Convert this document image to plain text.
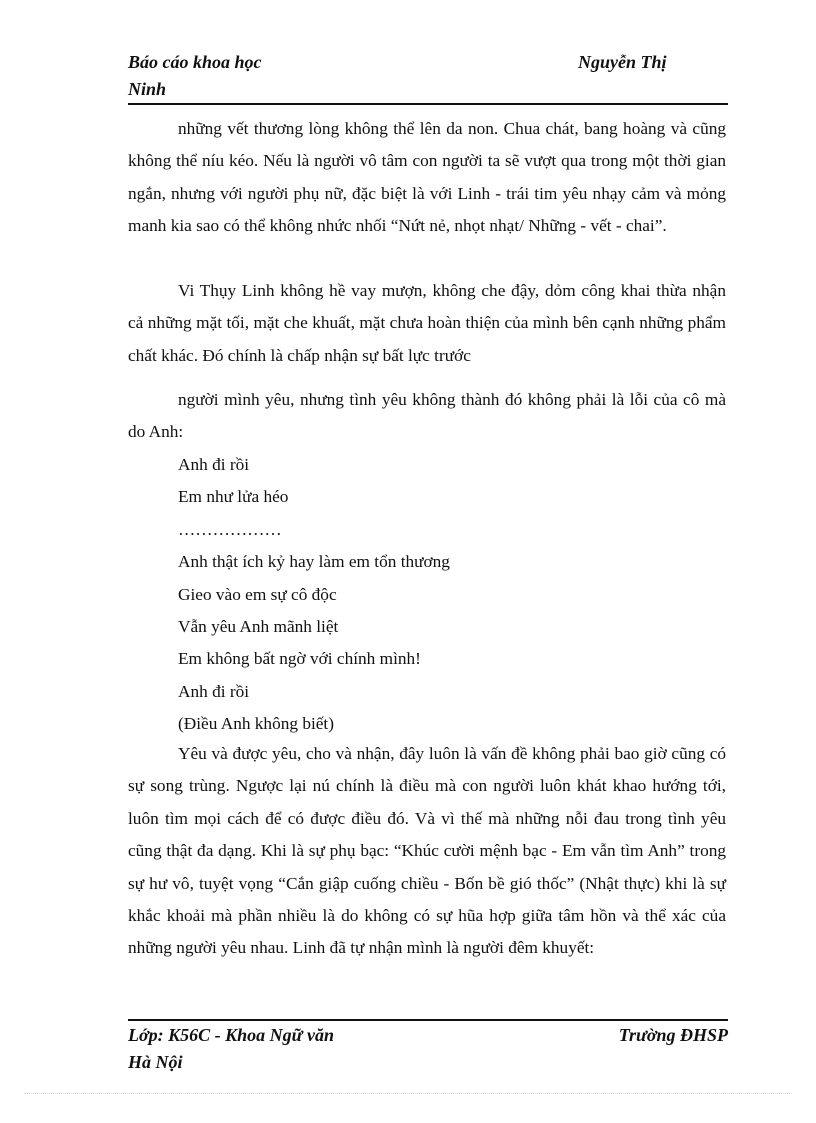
Báo cáo khoa học	Nguyễn Thị
Ninh

những vết thương lòng không thể lên da non. Chua chát, bang hoàng và cũng không thể níu kéo. Nếu là người vô tâm con người ta sẽ vượt qua trong một thời gian ngắn, nhưng với người phụ nữ, đặc biệt là với Linh - trái tim yêu nhạy cảm và mỏng manh kia sao có thể không nhức nhối “Nứt nẻ, nhọt nhạt/ Những - vết - chai”.

Vi Thụy Linh không hề vay mượn, không che đậy, dỏm công khai thừa nhận cả những mặt tối, mặt che khuất, mặt chưa hoàn thiện của mình bên cạnh những phẩm chất khác. Đó chính là chấp nhận sự bất lực trước

người mình yêu, nhưng tình yêu không thành đó không phải là lỗi của cô mà do Anh:

Anh đi rồi
Em như lửa héo
………………
Anh thật ích kỷ hay làm em tổn thương
Gieo vào em sự cô độc
Vẫn yêu Anh mãnh liệt
Em không bất ngờ với chính mình!
Anh đi rồi
(Điều Anh không biết)

Yêu và được yêu, cho và nhận, đây luôn là vấn đề không phải bao giờ cũng có sự song trùng. Ngược lại nú chính là điều mà con người luôn khát khao hướng tới, luôn tìm mọi cách để có được điều đó. Và vì thế mà những nỗi đau trong tình yêu cũng thật đa dạng. Khi là sự phụ bạc: “Khúc cười mệnh bạc - Em vẫn tìm Anh” trong sự hư vô, tuyệt vọng “Cắn giập cuống chiều - Bốn bề gió thốc” (Nhật thực) khi là sự khắc khoải mà phần nhiều là do không có sự hũa hợp giữa tâm hồn và thể xác của những người yêu nhau. Linh đã tự nhận mình là người đêm khuyết:

Lớp: K56C - Khoa Ngữ văn	Trường ĐHSP
Hà Nội
